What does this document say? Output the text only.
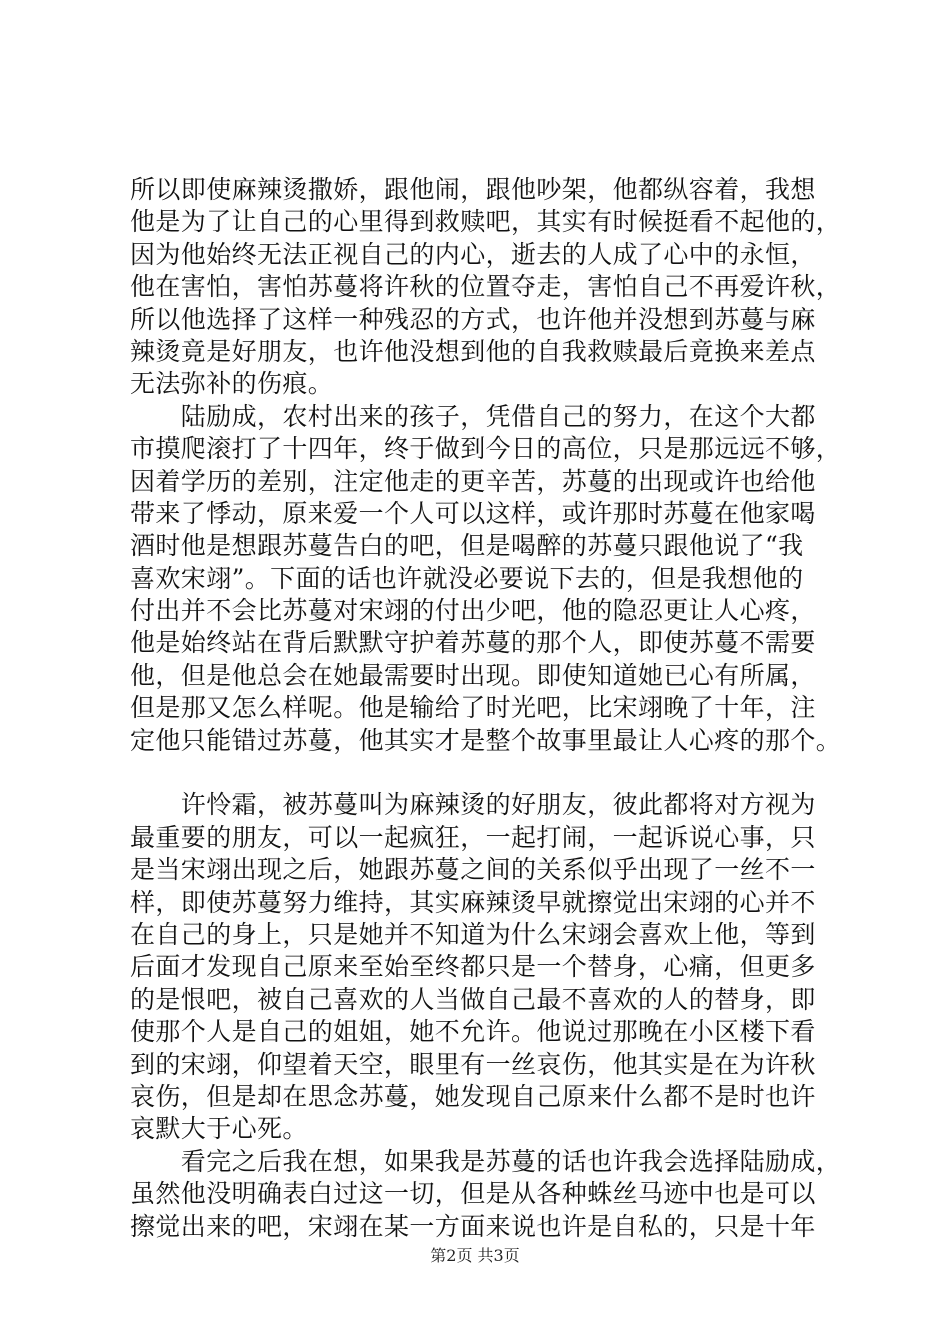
所以即使麻辣烫撒娇，跟他闹，跟他吵架，他都纵容着，我想
他是为了让自己的心里得到救赎吧，其实有时候挺看不起他的，
因为他始终无法正视自己的内心，逝去的人成了心中的永恒，
他在害怕，害怕苏蔓将许秋的位置夺走，害怕自己不再爱许秋，
所以他选择了这样一种残忍的方式，也许他并没想到苏蔓与麻
辣烫竟是好朋友，也许他没想到他的自我救赎最后竟换来差点
无法弥补的伤痕。
　　陆励成，农村出来的孩子，凭借自己的努力，在这个大都
市摸爬滚打了十四年，终于做到今日的高位，只是那远远不够，
因着学历的差别，注定他走的更辛苦，苏蔓的出现或许也给他
带来了悸动，原来爱一个人可以这样，或许那时苏蔓在他家喝
酒时他是想跟苏蔓告白的吧，但是喝醉的苏蔓只跟他说了“我
喜欢宋翊”。下面的话也许就没必要说下去的，但是我想他的
付出并不会比苏蔓对宋翊的付出少吧，他的隐忍更让人心疼，
他是始终站在背后默默守护着苏蔓的那个人，即使苏蔓不需要
他，但是他总会在她最需要时出现。即使知道她已心有所属，
但是那又怎么样呢。他是输给了时光吧，比宋翊晚了十年，注
定他只能错过苏蔓，他其实才是整个故事里最让人心疼的那个。
　　许怜霜，被苏蔓叫为麻辣烫的好朋友，彼此都将对方视为
最重要的朋友，可以一起疯狂，一起打闹，一起诉说心事，只
是当宋翊出现之后，她跟苏蔓之间的关系似乎出现了一丝不一
样，即使苏蔓努力维持，其实麻辣烫早就擦觉出宋翊的心并不
在自己的身上，只是她并不知道为什么宋翊会喜欢上他，等到
后面才发现自己原来至始至终都只是一个替身，心痛，但更多
的是恨吧，被自己喜欢的人当做自己最不喜欢的人的替身，即
使那个人是自己的姐姐，她不允许。他说过那晚在小区楼下看
到的宋翊，仰望着天空，眼里有一丝哀伤，他其实是在为许秋
哀伤，但是却在思念苏蔓，她发现自己原来什么都不是时也许
哀默大于心死。
　　看完之后我在想，如果我是苏蔓的话也许我会选择陆励成，
虽然他没明确表白过这一切，但是从各种蛛丝马迹中也是可以
擦觉出来的吧，宋翊在某一方面来说也许是自私的，只是十年
第2页 共3页
